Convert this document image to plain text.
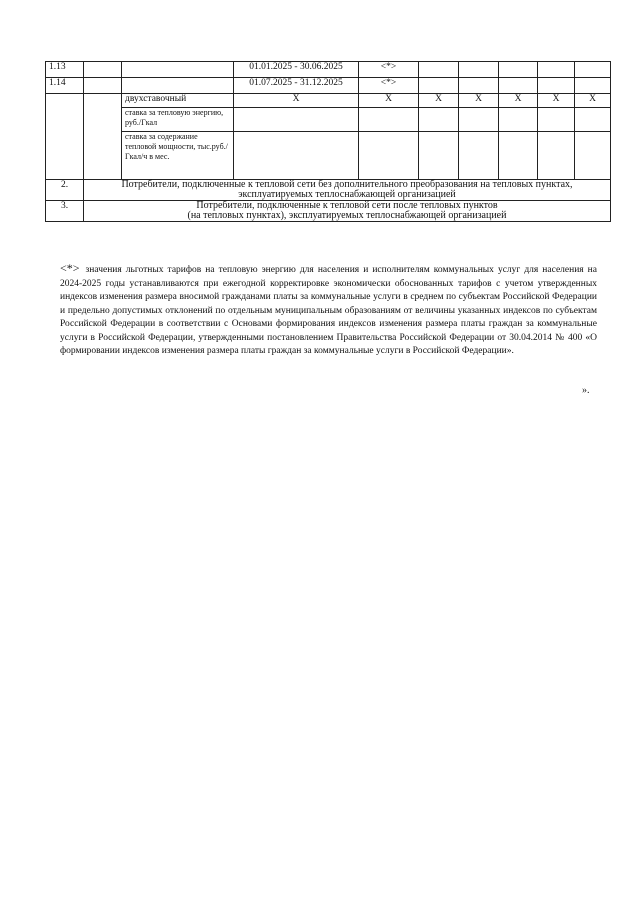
1.13			01.01.2025 - 30.06.2025	<*>					
1.14			01.07.2025 - 31.12.2025	<*>					
		двухставочный	Х	Х	Х	Х	Х	Х	Х
		ставка за тепловую энергию, руб./Гкал							
		ставка за содержание тепловой мощности, тыс.руб./Гкал/ч в мес.							
2.	Потребители, подключенные к тепловой сети без дополнительного преобразования на тепловых пунктах, эксплуатируемых теплоснабжающей организацией								
3.	Потребители, подключенные к тепловой сети после тепловых пунктов
(на тепловых пунктах), эксплуатируемых теплоснабжающей организацией								
<*> значения льготных тарифов на тепловую энергию для населения и исполнителям коммунальных услуг для населения на 2024-2025 годы устанавливаются при ежегодной корректировке экономически обоснованных тарифов с учетом утвержденных индексов изменения размера вносимой гражданами платы за коммунальные услуги в среднем по субъектам Российской Федерации и предельно допустимых отклонений по отдельным муниципальным образованиям от величины указанных индексов по субъектам Российской Федерации в соответствии с Основами формирования индексов изменения размера платы граждан за коммунальные услуги в Российской Федерации, утвержденными постановлением Правительства Российской Федерации от 30.04.2014 № 400 «О формировании индексов изменения размера платы граждан за коммунальные услуги в Российской Федерации».
».
